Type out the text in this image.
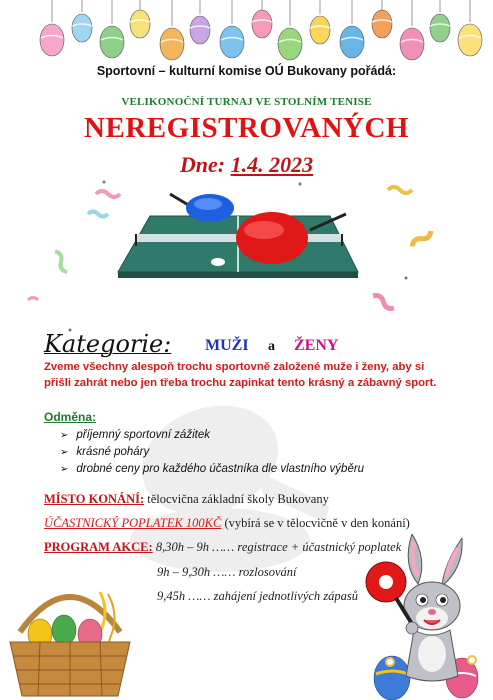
Sportovní – kulturní komise OÚ Bukovany pořádá:
VELIKONOČNÍ TURNAJ VE STOLNÍM TENISE
NEREGISTROVANÝCH
Dne: 1.4. 2023
Kategorie: MUŽI a ŽENY
Zveme všechny alespoň trochu sportovně založené muže i ženy, aby si přišli zahrát nebo jen třeba trochu zapinkat tento krásný a zábavný sport.
Odměna:
➢ příjemný sportovní zážitek
➢ krásné poháry
➢ drobné ceny pro každého účastníka dle vlastního výběru
MÍSTO KONÁNÍ: tělocvična základní školy Bukovany
ÚČASTNICKÝ POPLATEK 100KČ (vybírá se v tělocvičně v den konání)
PROGRAM AKCE: 8,30h – 9h …… registrace + účastnický poplatek
9h – 9,30h …… rozlosování
9,45h …… zahájení jednotlivých zápasů
